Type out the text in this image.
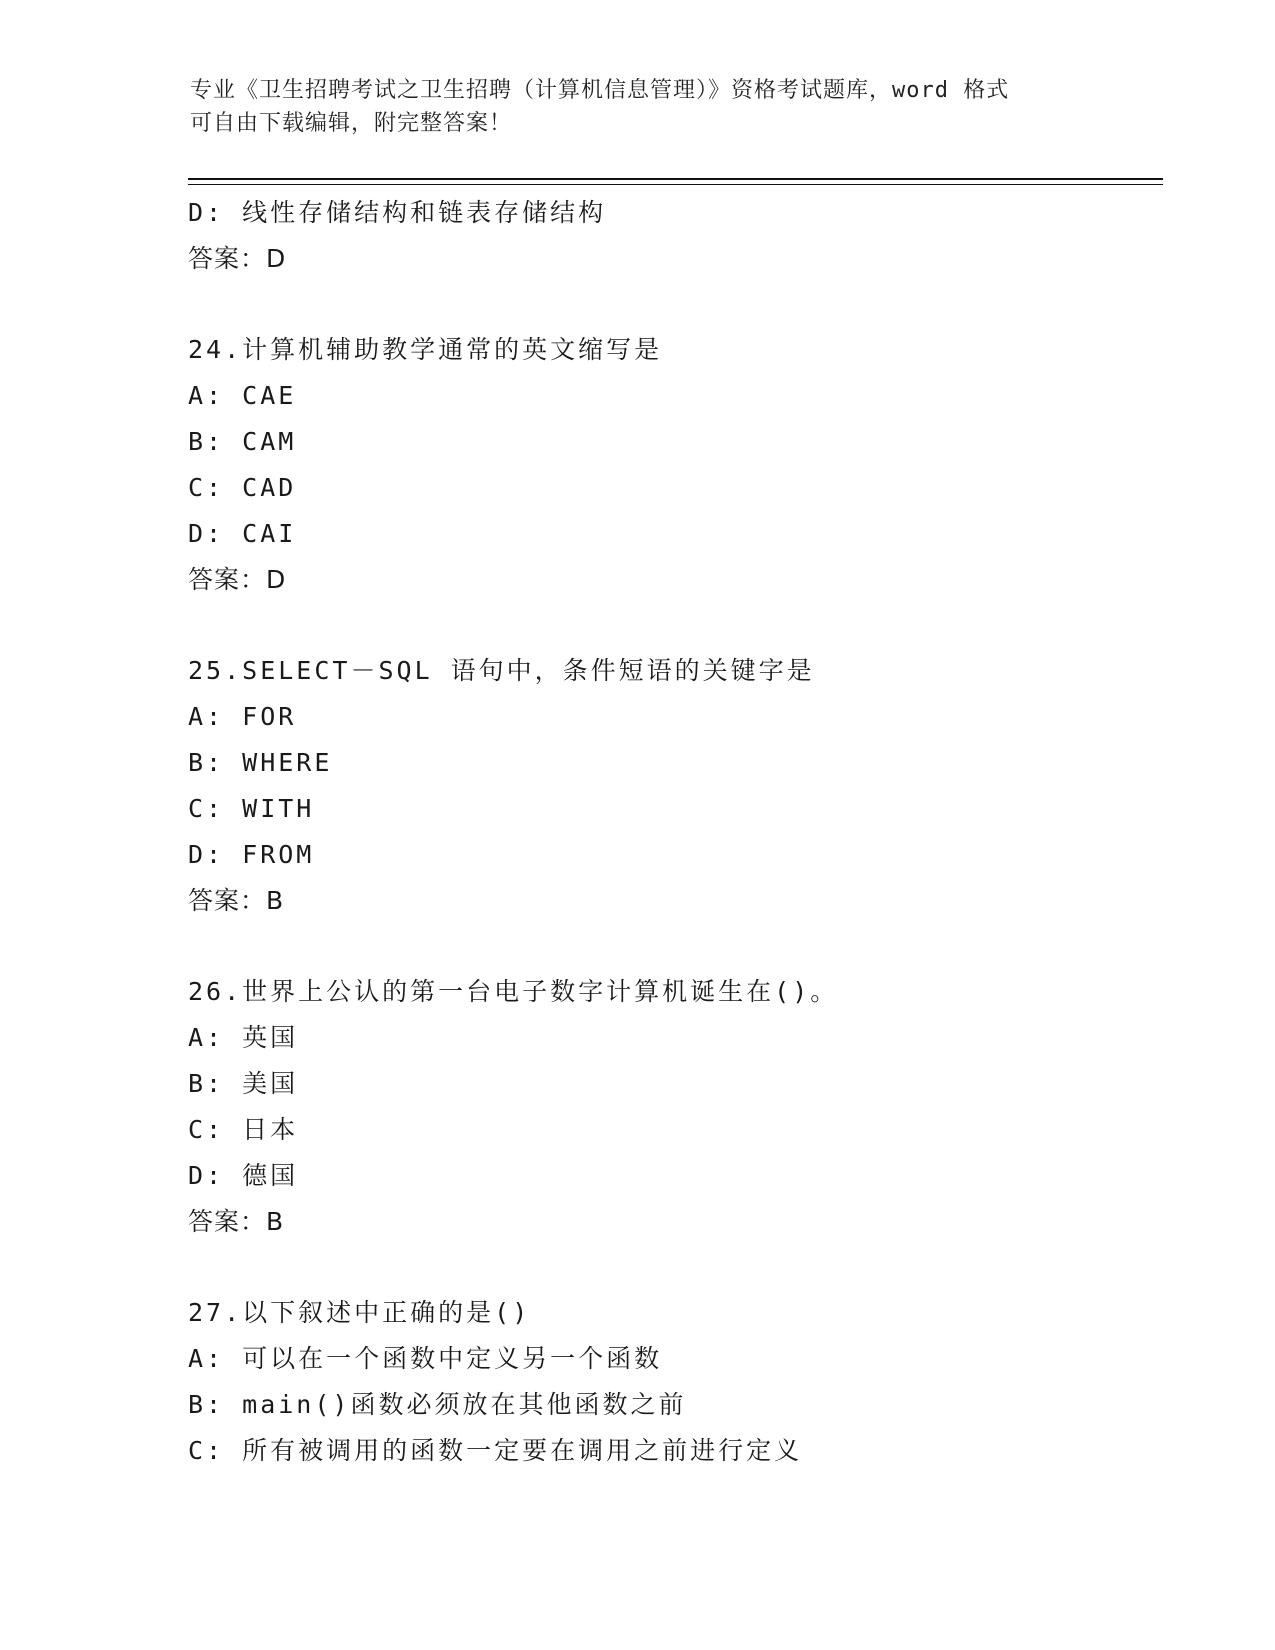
专业《卫生招聘考试之卫生招聘（计算机信息管理）》资格考试题库，word 格式
可自由下载编辑，附完整答案！
D: 线性存储结构和链表存储结构
答案：D
24.计算机辅助教学通常的英文缩写是
A: CAE
B: CAM
C: CAD
D: CAI
答案：D
25.SELECT－SQL 语句中，条件短语的关键字是
A: FOR
B: WHERE
C: WITH
D: FROM
答案：B
26.世界上公认的第一台电子数字计算机诞生在()。
A: 英国
B: 美国
C: 日本
D: 德国
答案：B
27.以下叙述中正确的是()
A: 可以在一个函数中定义另一个函数
B: main()函数必须放在其他函数之前
C: 所有被调用的函数一定要在调用之前进行定义
